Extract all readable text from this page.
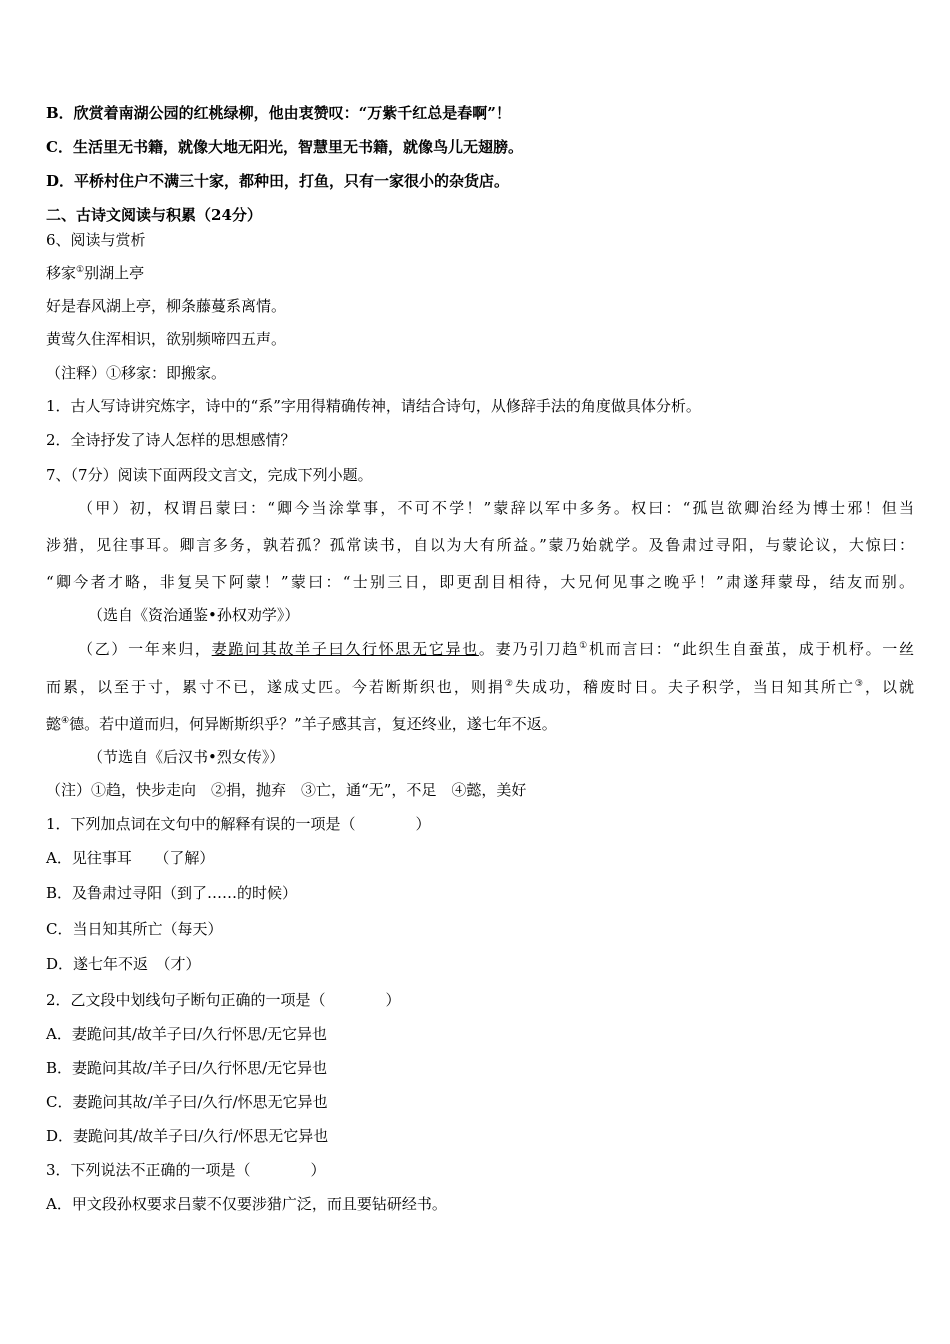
B．欣赏着南湖公园的红桃绿柳，他由衷赞叹：“万紫千红总是春啊”！
C．生活里无书籍，就像大地无阳光，智慧里无书籍，就像鸟儿无翅膀。
D．平桥村住户不满三十家，都种田，打鱼，只有一家很小的杂货店。
二、古诗文阅读与积累（24分）
6、阅读与赏析
移家①别湖上亭
好是春风湖上亭，柳条藤蔓系离情。
黄莺久住浑相识，欲别频啼四五声。
（注释）①移家：即搬家。
1．古人写诗讲究炼字，诗中的“系”字用得精确传神，请结合诗句，从修辞手法的角度做具体分析。
2．全诗抒发了诗人怎样的思想感情？
7、（7分）阅读下面两段文言文，完成下列小题。
（甲）初，权谓吕蒙曰：“卿今当涂掌事，不可不学！”蒙辞以军中多务。权曰：“孤岂欲卿治经为博士邪！但当
涉猎，见往事耳。卿言多务，孰若孤？孤常读书，自以为大有所益。”蒙乃始就学。及鲁肃过寻阳，与蒙论议，大惊曰：
“卿今者才略，非复吴下阿蒙！”蒙曰：“士别三日，即更刮目相待，大兄何见事之晚乎！”肃遂拜蒙母，结友而别。
（选自《资治通鉴•孙权劝学》）
（乙）一年来归，妻跪问其故羊子曰久行怀思无它异也。妻乃引刀趋①机而言曰：“此织生自蚕茧，成于机杼。一丝
而累，以至于寸，累寸不已，遂成丈匹。今若断斯织也，则捐②失成功，稽废时日。夫子积学，当日知其所亡③，以就
懿④德。若中道而归，何异断斯织乎？”羊子感其言，复还终业，遂七年不返。
（节选自《后汉书•烈女传》）
（注）①趋，快步走向　②捐，抛弃　③亡，通“无”，不足　④懿，美好
1．下列加点词在文句中的解释有误的一项是（　　　　）
A．见往事耳　　（了解）
B．及鲁肃过寻阳（到了……的时候）
C．当日知其所亡（每天）
D．遂七年不返　（才）
2．乙文段中划线句子断句正确的一项是（　　　　）
A．妻跪问其/故羊子曰/久行怀思/无它异也
B．妻跪问其故/羊子曰/久行怀思/无它异也
C．妻跪问其故/羊子曰/久行/怀思无它异也
D．妻跪问其/故羊子曰/久行/怀思无它异也
3．下列说法不正确的一项是（　　　　）
A．甲文段孙权要求吕蒙不仅要涉猎广泛，而且要钻研经书。
